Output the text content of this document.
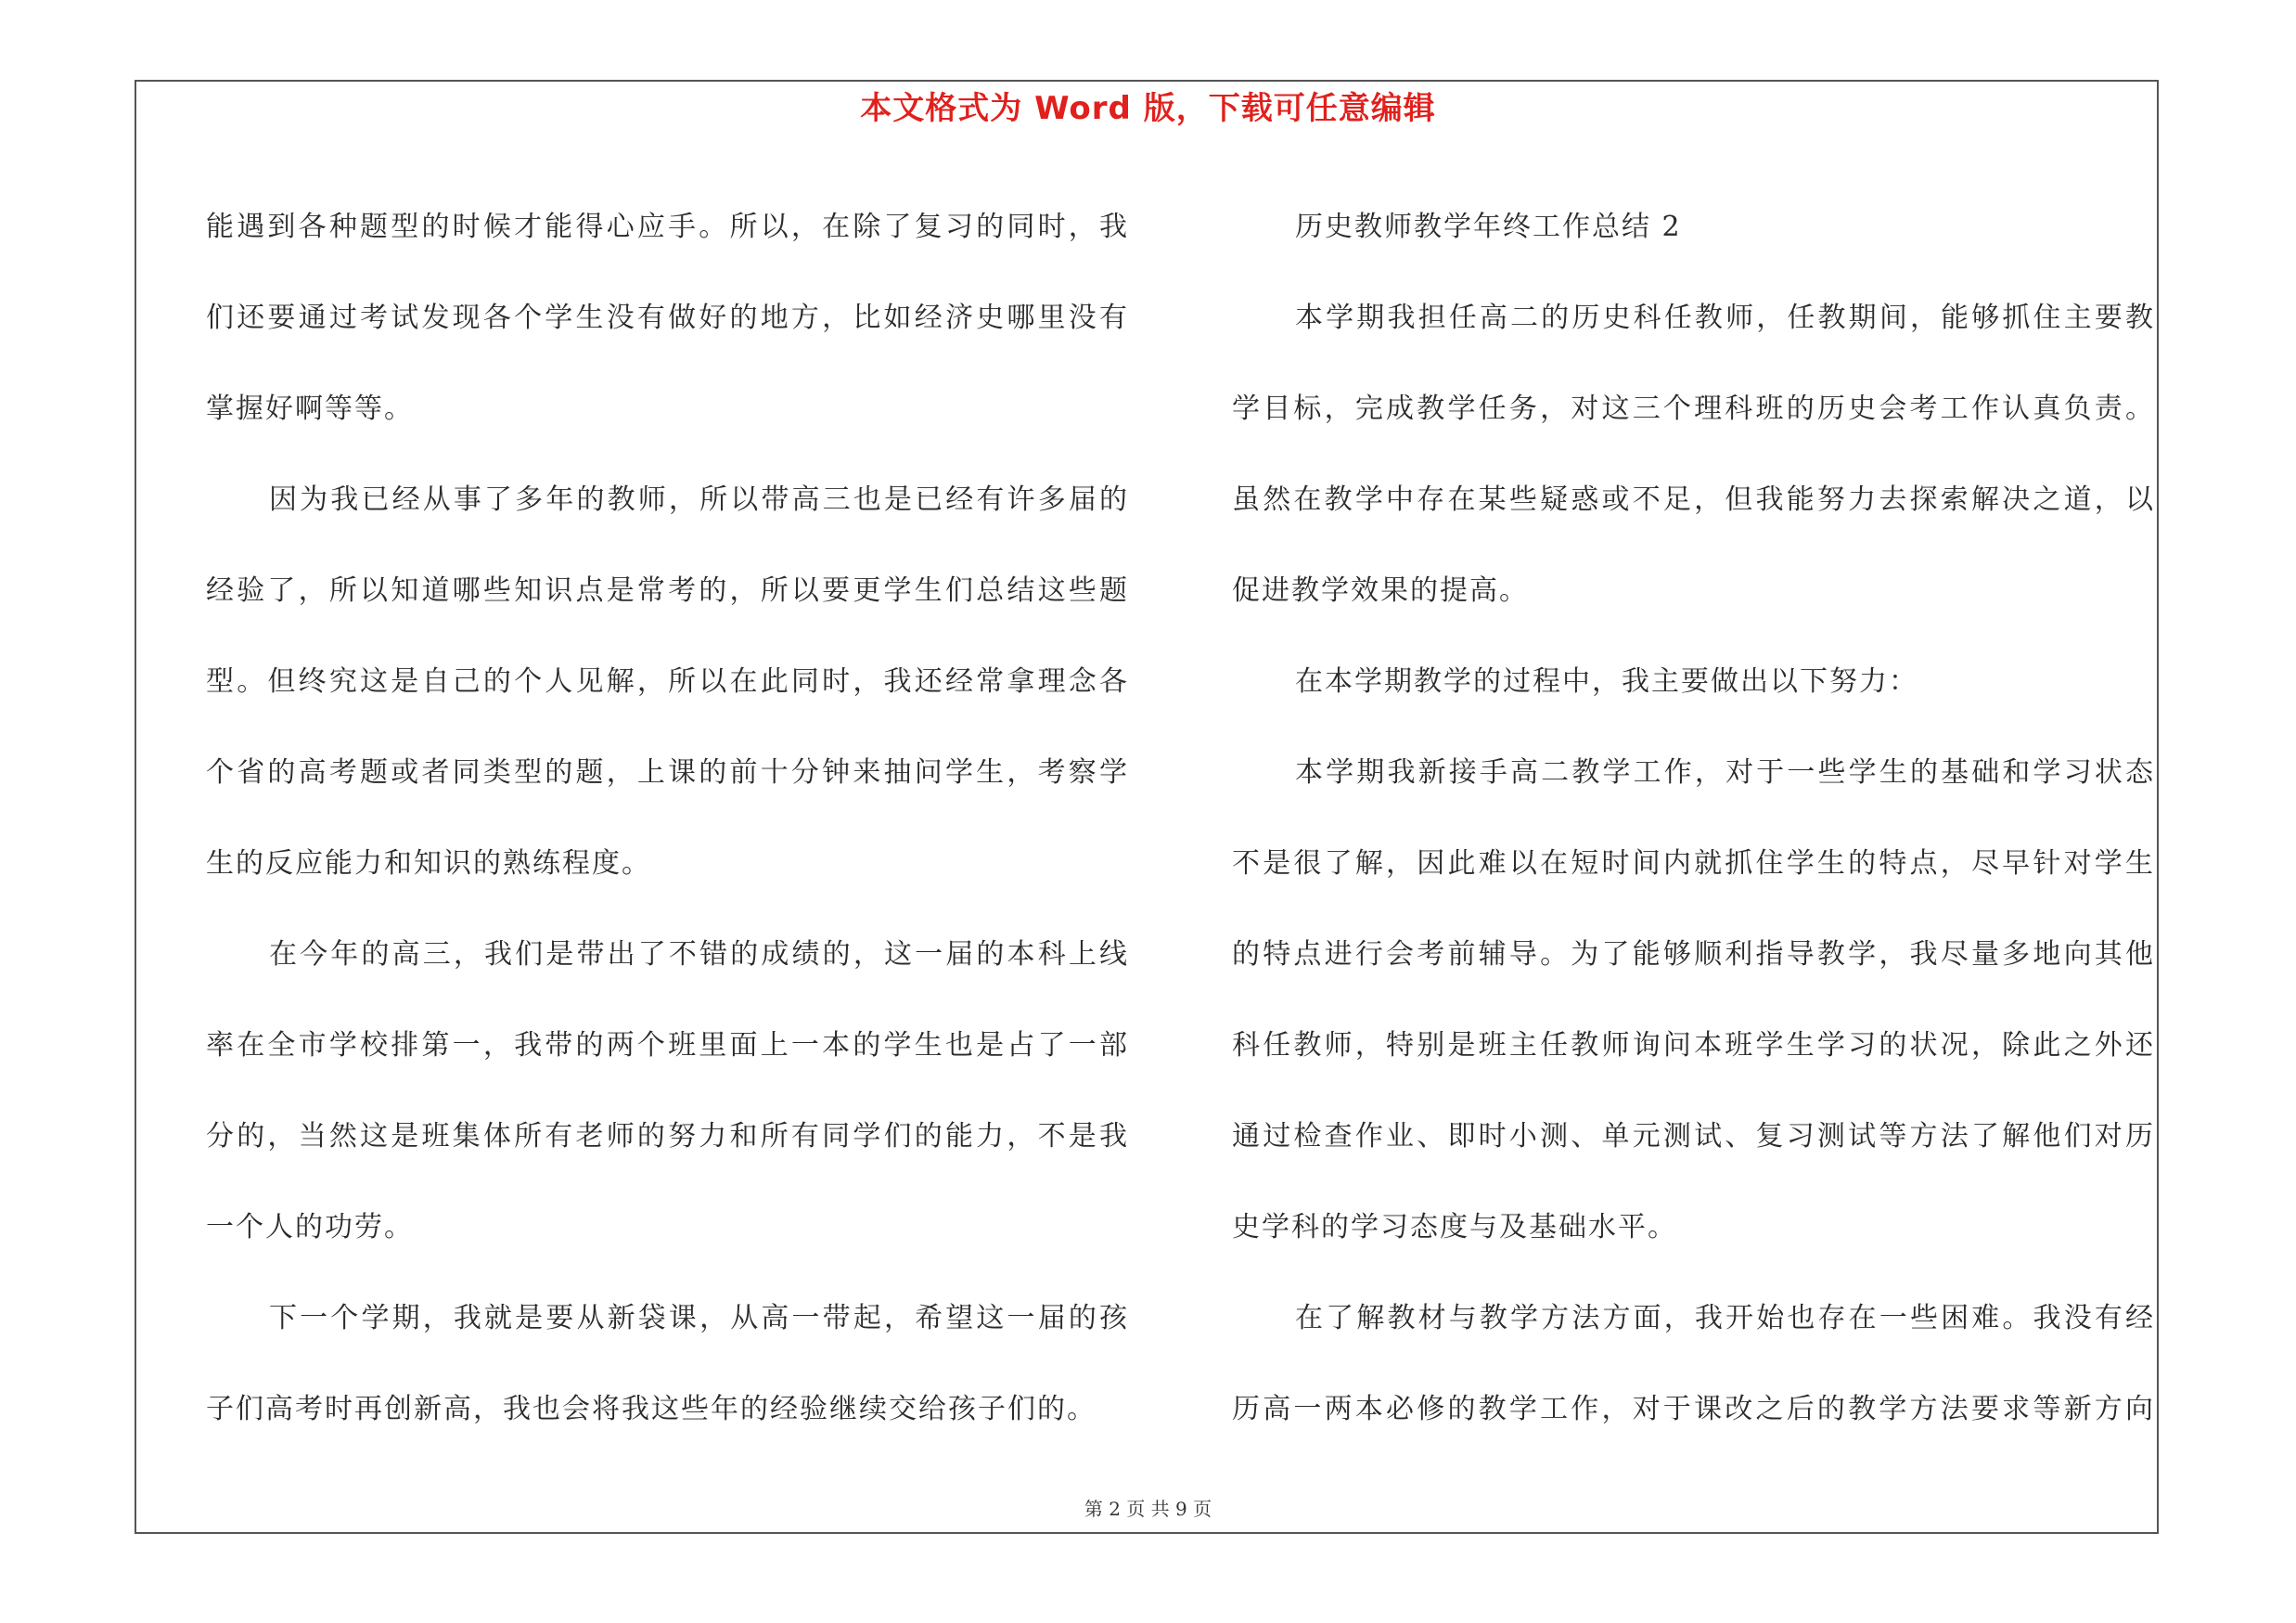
本文格式为 Word 版，下载可任意编辑
能遇到各种题型的时候才能得心应手。所以，在除了复习的同时，我
们还要通过考试发现各个学生没有做好的地方，比如经济史哪里没有
掌握好啊等等。
因为我已经从事了多年的教师，所以带高三也是已经有许多届的
经验了，所以知道哪些知识点是常考的，所以要更学生们总结这些题
型。但终究这是自己的个人见解，所以在此同时，我还经常拿理念各
个省的高考题或者同类型的题，上课的前十分钟来抽问学生，考察学
生的反应能力和知识的熟练程度。
在今年的高三，我们是带出了不错的成绩的，这一届的本科上线
率在全市学校排第一，我带的两个班里面上一本的学生也是占了一部
分的，当然这是班集体所有老师的努力和所有同学们的能力，不是我
一个人的功劳。
下一个学期，我就是要从新袋课，从高一带起，希望这一届的孩
子们高考时再创新高，我也会将我这些年的经验继续交给孩子们的。
历史教师教学年终工作总结 2
本学期我担任高二的历史科任教师，任教期间，能够抓住主要教
学目标，完成教学任务，对这三个理科班的历史会考工作认真负责。
虽然在教学中存在某些疑惑或不足，但我能努力去探索解决之道，以
促进教学效果的提高。
在本学期教学的过程中，我主要做出以下努力：
本学期我新接手高二教学工作，对于一些学生的基础和学习状态
不是很了解，因此难以在短时间内就抓住学生的特点，尽早针对学生
的特点进行会考前辅导。为了能够顺利指导教学，我尽量多地向其他
科任教师，特别是班主任教师询问本班学生学习的状况，除此之外还
通过检查作业、即时小测、单元测试、复习测试等方法了解他们对历
史学科的学习态度与及基础水平。
在了解教材与教学方法方面，我开始也存在一些困难。我没有经
历高一两本必修的教学工作，对于课改之后的教学方法要求等新方向
第 2 页 共 9 页
